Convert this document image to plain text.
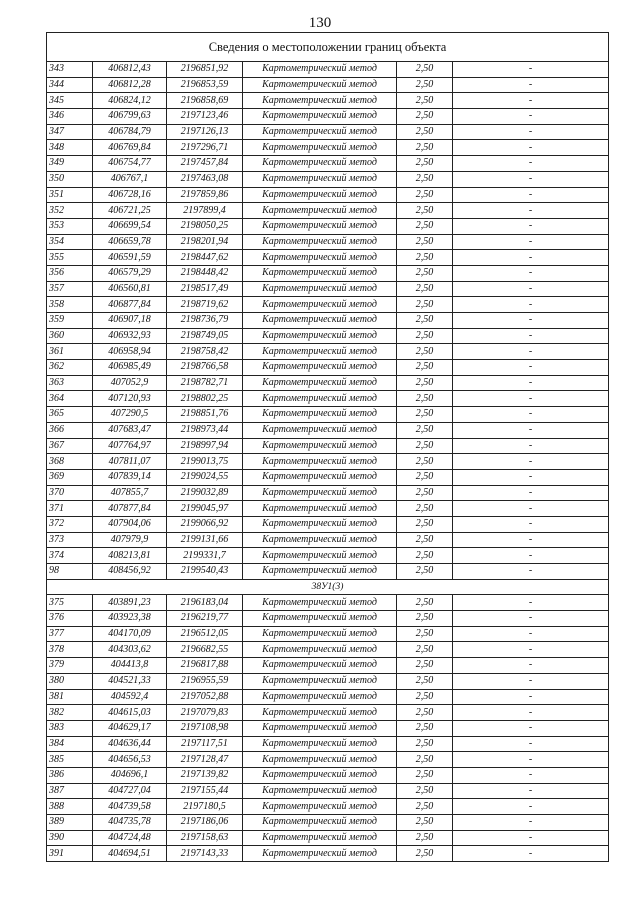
130
Сведения о местоположении границ объекта					
343	406812,43	2196851,92	Картометрический метод	2,50	-
344	406812,28	2196853,59	Картометрический метод	2,50	-
345	406824,12	2196858,69	Картометрический метод	2,50	-
346	406799,63	2197123,46	Картометрический метод	2,50	-
347	406784,79	2197126,13	Картометрический метод	2,50	-
348	406769,84	2197296,71	Картометрический метод	2,50	-
349	406754,77	2197457,84	Картометрический метод	2,50	-
350	406767,1	2197463,08	Картометрический метод	2,50	-
351	406728,16	2197859,86	Картометрический метод	2,50	-
352	406721,25	2197899,4	Картометрический метод	2,50	-
353	406699,54	2198050,25	Картометрический метод	2,50	-
354	406659,78	2198201,94	Картометрический метод	2,50	-
355	406591,59	2198447,62	Картометрический метод	2,50	-
356	406579,29	2198448,42	Картометрический метод	2,50	-
357	406560,81	2198517,49	Картометрический метод	2,50	-
358	406877,84	2198719,62	Картометрический метод	2,50	-
359	406907,18	2198736,79	Картометрический метод	2,50	-
360	406932,93	2198749,05	Картометрический метод	2,50	-
361	406958,94	2198758,42	Картометрический метод	2,50	-
362	406985,49	2198766,58	Картометрический метод	2,50	-
363	407052,9	2198782,71	Картометрический метод	2,50	-
364	407120,93	2198802,25	Картометрический метод	2,50	-
365	407290,5	2198851,76	Картометрический метод	2,50	-
366	407683,47	2198973,44	Картометрический метод	2,50	-
367	407764,97	2198997,94	Картометрический метод	2,50	-
368	407811,07	2199013,75	Картометрический метод	2,50	-
369	407839,14	2199024,55	Картометрический метод	2,50	-
370	407855,7	2199032,89	Картометрический метод	2,50	-
371	407877,84	2199045,97	Картометрический метод	2,50	-
372	407904,06	2199066,92	Картометрический метод	2,50	-
373	407979,9	2199131,66	Картометрический метод	2,50	-
374	408213,81	2199331,7	Картометрический метод	2,50	-
98	408456,92	2199540,43	Картометрический метод	2,50	-
38У1(3)					
375	403891,23	2196183,04	Картометрический метод	2,50	-
376	403923,38	2196219,77	Картометрический метод	2,50	-
377	404170,09	2196512,05	Картометрический метод	2,50	-
378	404303,62	2196682,55	Картометрический метод	2,50	-
379	404413,8	2196817,88	Картометрический метод	2,50	-
380	404521,33	2196955,59	Картометрический метод	2,50	-
381	404592,4	2197052,88	Картометрический метод	2,50	-
382	404615,03	2197079,83	Картометрический метод	2,50	-
383	404629,17	2197108,98	Картометрический метод	2,50	-
384	404636,44	2197117,51	Картометрический метод	2,50	-
385	404656,53	2197128,47	Картометрический метод	2,50	-
386	404696,1	2197139,82	Картометрический метод	2,50	-
387	404727,04	2197155,44	Картометрический метод	2,50	-
388	404739,58	2197180,5	Картометрический метод	2,50	-
389	404735,78	2197186,06	Картометрический метод	2,50	-
390	404724,48	2197158,63	Картометрический метод	2,50	-
391	404694,51	2197143,33	Картометрический метод	2,50	-
